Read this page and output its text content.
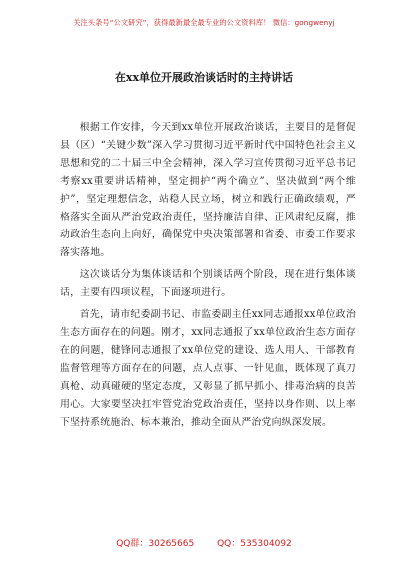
关注头条号“公文研究”，获得最新最全最专业的公文资料库！ 微信：gongwenyj
在xx单位开展政治谈话时的主持讲话

根据工作安排，今天到xx单位开展政治谈话，主要目的是督促县（区）“关键少数”深入学习贯彻习近平新时代中国特色社会主义思想和党的二十届三中全会精神，深入学习宣传贯彻习近平总书记考察xx重要讲话精神，坚定拥护“两个确立”、坚决做到“两个维护”，坚定理想信念，站稳人民立场，树立和践行正确政绩观，严格落实全面从严治党政治责任，坚持廉洁自律、正风肃纪反腐，推动政治生态向上向好，确保党中央决策部署和省委、市委工作要求落实落地。

这次谈话分为集体谈话和个别谈话两个阶段，现在进行集体谈话，主要有四项议程，下面逐项进行。

首先，请市纪委副书记、市监委副主任xx同志通报xx单位政治生态方面存在的问题。刚才，xx同志通报了xx单位政治生态方面存在的问题，健锋同志通报了xx单位党的建设、选人用人、干部教育监督管理等方面存在的问题，点人点事、一针见血，既体现了真刀真枪、动真碰硬的坚定态度，又彰显了抓早抓小、排毒治病的良苦用心。大家要坚决扛牢管党治党政治责任，坚持以身作则、以上率下坚持系统施治、标本兼治，推动全面从严治党向纵深发展。

QQ群：30265665	QQ：535304092
